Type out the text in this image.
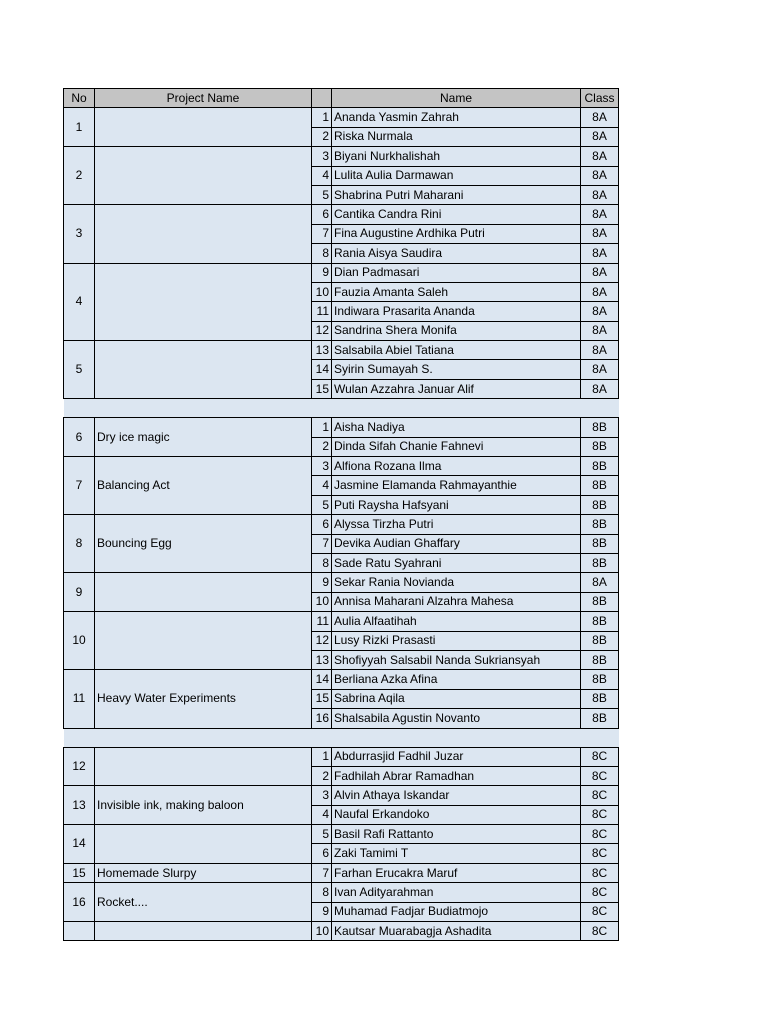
No	Project Name		Name	Class
1		1	Ananda Yasmin Zahrah	8A
		2	Riska Nurmala	8A
2		3	Biyani Nurkhalishah	8A
		4	Lulita Aulia Darmawan	8A
		5	Shabrina Putri Maharani	8A
3		6	Cantika Candra Rini	8A
		7	Fina Augustine Ardhika Putri	8A
		8	Rania Aisya Saudira	8A
4		9	Dian Padmasari	8A
		10	Fauzia Amanta Saleh	8A
		11	Indiwara Prasarita Ananda	8A
		12	Sandrina Shera Monifa	8A
5		13	Salsabila Abiel Tatiana	8A
		14	Syirin Sumayah S.	8A
		15	Wulan Azzahra Januar Alif	8A

6	Dry ice magic	1	Aisha Nadiya	8B
		2	Dinda Sifah Chanie Fahnevi	8B
7	Balancing Act	3	Alfiona Rozana Ilma	8B
		4	Jasmine Elamanda Rahmayanthie	8B
		5	Puti Raysha Hafsyani	8B
8	Bouncing Egg	6	Alyssa Tirzha Putri	8B
		7	Devika Audian Ghaffary	8B
		8	Sade Ratu Syahrani	8B
9		9	Sekar Rania Novianda	8A
		10	Annisa Maharani Alzahra Mahesa	8B
10		11	Aulia Alfaatihah	8B
		12	Lusy Rizki Prasasti	8B
		13	Shofiyyah Salsabil Nanda Sukriansyah	8B
11	Heavy Water Experiments	14	Berliana Azka Afina	8B
		15	Sabrina Aqila	8B
		16	Shalsabila Agustin Novanto	8B

12		1	Abdurrasjid Fadhil Juzar	8C
		2	Fadhilah Abrar Ramadhan	8C
13	Invisible ink, making baloon	3	Alvin Athaya Iskandar	8C
		4	Naufal Erkandoko	8C
14		5	Basil Rafi Rattanto	8C
		6	Zaki Tamimi T	8C
15	Homemade Slurpy	7	Farhan Erucakra Maruf	8C
16	Rocket....	8	Ivan Adityarahman	8C
		9	Muhamad Fadjar Budiatmojo	8C
		10	Kautsar Muarabagja Ashadita	8C
